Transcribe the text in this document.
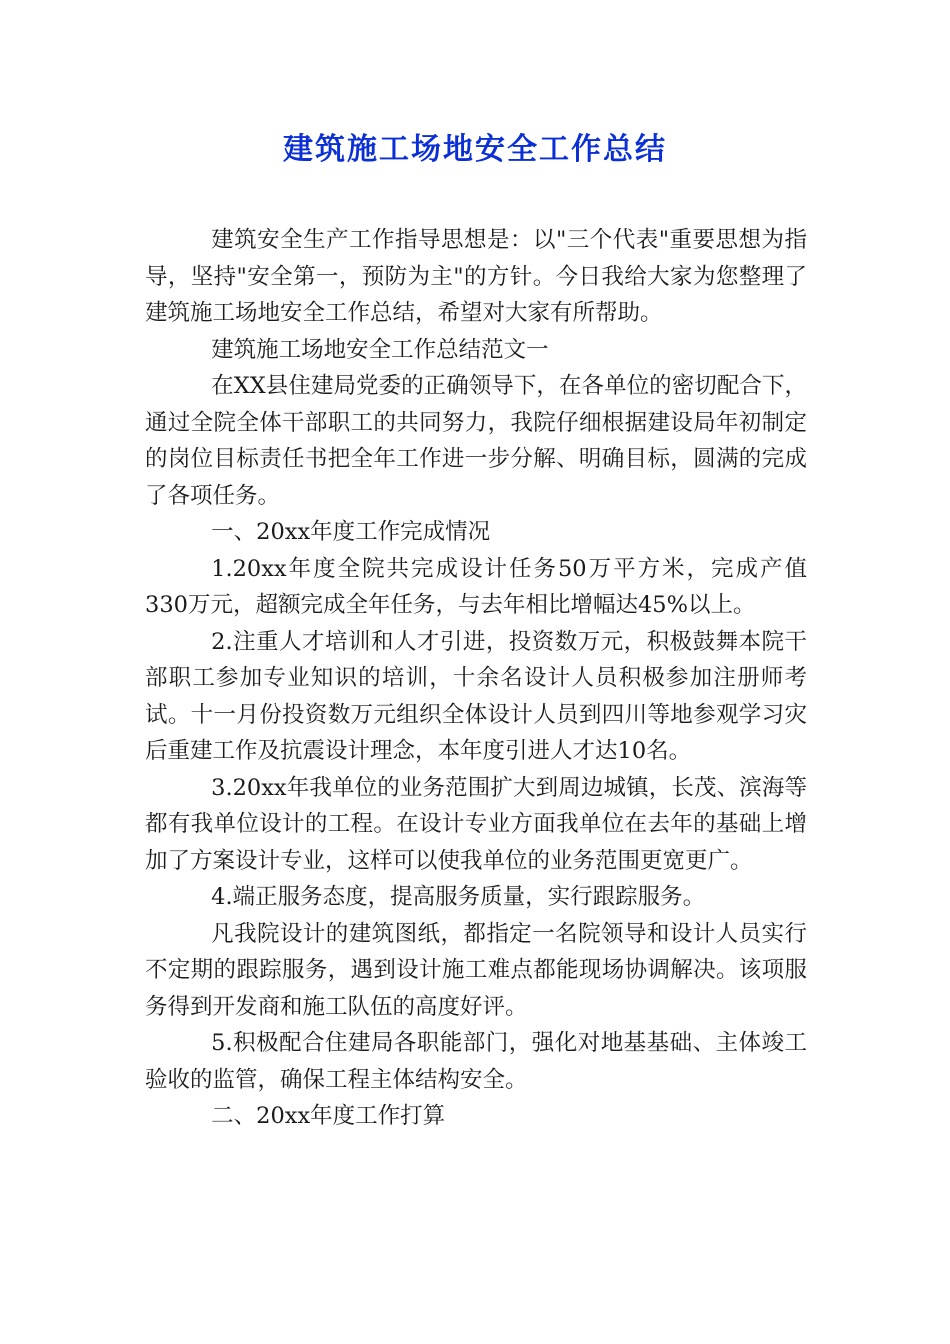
建筑施工场地安全工作总结

建筑安全生产工作指导思想是：以"三个代表"重要思想为指导，坚持"安全第一，预防为主"的方针。今日我给大家为您整理了建筑施工场地安全工作总结，希望对大家有所帮助。

建筑施工场地安全工作总结范文一

在XX县住建局党委的正确领导下，在各单位的密切配合下，通过全院全体干部职工的共同努力，我院仔细根据建设局年初制定的岗位目标责任书把全年工作进一步分解、明确目标，圆满的完成了各项任务。

一、20xx年度工作完成情况

1.20xx年度全院共完成设计任务50万平方米，完成产值330万元，超额完成全年任务，与去年相比增幅达45%以上。

2.注重人才培训和人才引进，投资数万元，积极鼓舞本院干部职工参加专业知识的培训，十余名设计人员积极参加注册师考试。十一月份投资数万元组织全体设计人员到四川等地参观学习灾后重建工作及抗震设计理念，本年度引进人才达10名。

3.20xx年我单位的业务范围扩大到周边城镇，长茂、滨海等都有我单位设计的工程。在设计专业方面我单位在去年的基础上增加了方案设计专业，这样可以使我单位的业务范围更宽更广。

4.端正服务态度，提高服务质量，实行跟踪服务。

凡我院设计的建筑图纸，都指定一名院领导和设计人员实行不定期的跟踪服务，遇到设计施工难点都能现场协调解决。该项服务得到开发商和施工队伍的高度好评。

5.积极配合住建局各职能部门，强化对地基基础、主体竣工验收的监管，确保工程主体结构安全。

二、20xx年度工作打算
